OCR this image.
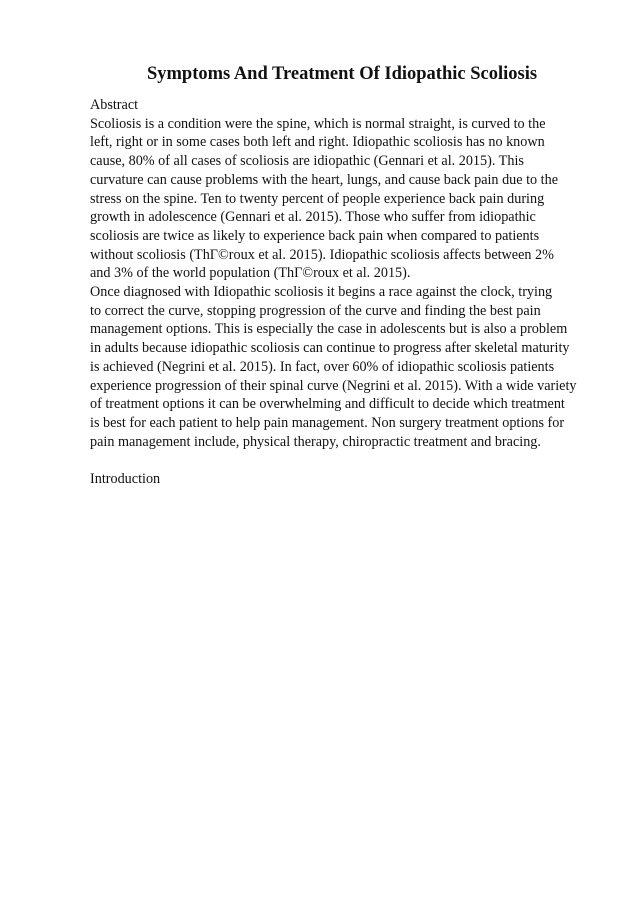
Symptoms And Treatment Of Idiopathic Scoliosis
Abstract
Scoliosis is a condition were the spine, which is normal straight, is curved to the
left, right or in some cases both left and right. Idiopathic scoliosis has no known
cause, 80% of all cases of scoliosis are idiopathic (Gennari et al. 2015). This
curvature can cause problems with the heart, lungs, and cause back pain due to the
stress on the spine. Ten to twenty percent of people experience back pain during
growth in adolescence (Gennari et al. 2015). Those who suffer from idiopathic
scoliosis are twice as likely to experience back pain when compared to patients
without scoliosis (ThГ©roux et al. 2015). Idiopathic scoliosis affects between 2%
and 3% of the world population (ThГ©roux et al. 2015).
Once diagnosed with Idiopathic scoliosis it begins a race against the clock, trying
to correct the curve, stopping progression of the curve and finding the best pain
management options. This is especially the case in adolescents but is also a problem
in adults because idiopathic scoliosis can continue to progress after skeletal maturity
is achieved (Negrini et al. 2015). In fact, over 60% of idiopathic scoliosis patients
experience progression of their spinal curve (Negrini et al. 2015). With a wide variety
of treatment options it can be overwhelming and difficult to decide which treatment
is best for each patient to help pain management. Non surgery treatment options for
pain management include, physical therapy, chiropractic treatment and bracing.
Introduction
